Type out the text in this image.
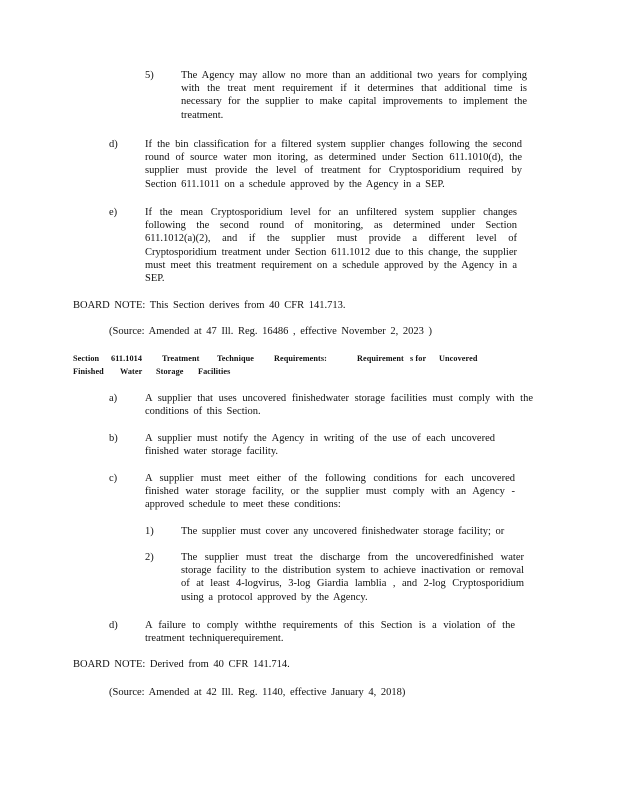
5)	The Agency may allow no more than an additional two years for complying with the treat ment requirement if it determines that additional time is necessary for the supplier to make capital improvements to implement the treatment.
d)	If the bin classification for a filtered system supplier changes following the second round of source water mon itoring, as determined under Section 611.1010(d), the supplier must provide the level of treatment for Cryptosporidium required by Section 611.1011 on a schedule approved by the Agency in a SEP.
e)	If the mean Cryptosporidium level for an unfiltered system supplier changes following the second round of monitoring, as determined under Section 611.1012(a)(2), and if the supplier must provide a different level of Cryptosporidium treatment under Section 611.1012 due to this change, the supplier must meet this treatment requirement on a schedule approved by the Agency in a SEP.
BOARD NOTE: This Section derives from 40 CFR 141.713.
(Source: Amended at 47 Ill. Reg. 16486 , effective November 2, 2023 )
Section 611.1014 Treatment Technique Requirements:	Requirement s for Uncovered
Finished Water Storage Facilities
a)	A supplier that uses uncovered finishedwater storage facilities must comply with the conditions of this Section.
b)	A supplier must notify the Agency in writing of the use of each uncovered finished water storage facility.
c)	A supplier must meet either of the following conditions for each uncovered finished water storage facility, or the supplier must comply with an Agency - approved schedule to meet these conditions:
1)	The supplier must cover any uncovered finishedwater storage facility; or
2)	The supplier must treat the discharge from the uncoveredfinished water storage facility to the distribution system to achieve inactivation or removal of at least 4-logvirus, 3-log Giardia lamblia , and 2-log Cryptosporidium using a protocol approved by the Agency.
d)	A failure to comply withthe requirements of this Section is a violation of the treatment techniquerequirement.
BOARD NOTE: Derived from 40 CFR 141.714.
(Source: Amended at 42 Ill. Reg. 1140, effective January 4, 2018)
